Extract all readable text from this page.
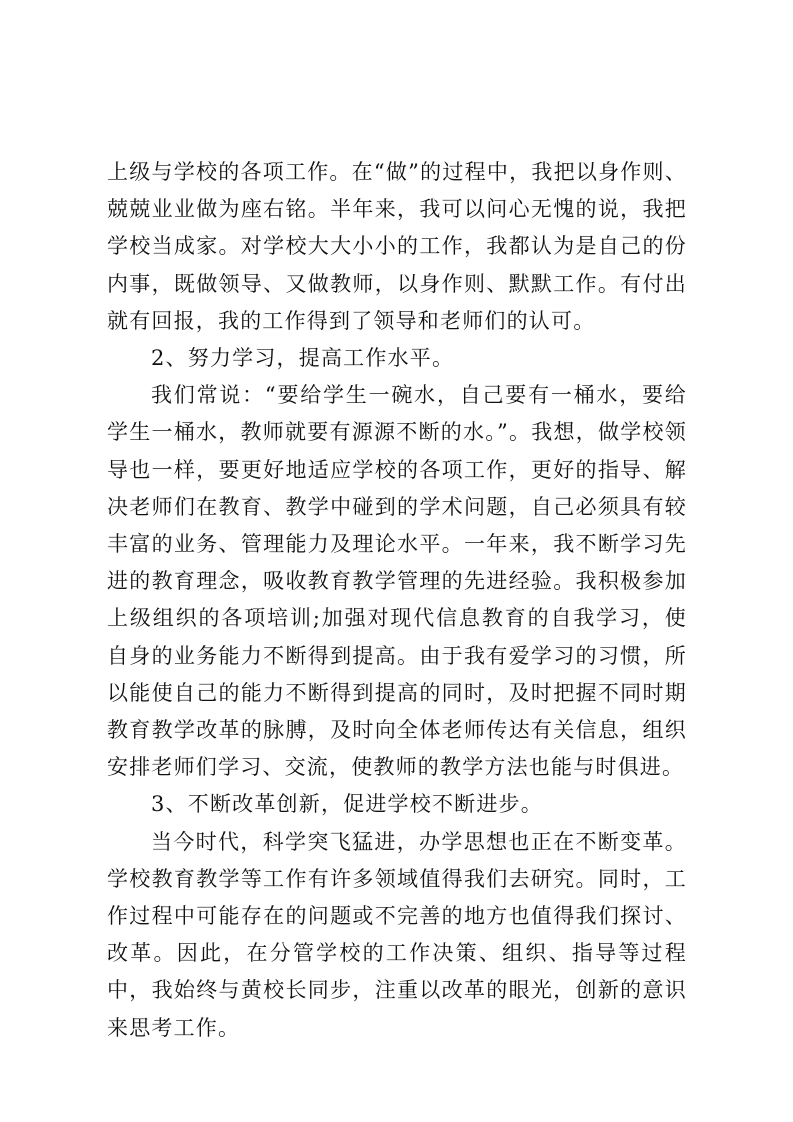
上级与学校的各项工作。在“做”的过程中，我把以身作则、兢兢业业做为座右铭。半年来，我可以问心无愧的说，我把学校当成家。对学校大大小小的工作，我都认为是自己的份内事，既做领导、又做教师，以身作则、默默工作。有付出就有回报，我的工作得到了领导和老师们的认可。

2、努力学习，提高工作水平。

我们常说：“要给学生一碗水，自己要有一桶水，要给学生一桶水，教师就要有源源不断的水。”。我想，做学校领导也一样，要更好地适应学校的各项工作，更好的指导、解决老师们在教育、教学中碰到的学术问题，自己必须具有较丰富的业务、管理能力及理论水平。一年来，我不断学习先进的教育理念，吸收教育教学管理的先进经验。我积极参加上级组织的各项培训;加强对现代信息教育的自我学习，使自身的业务能力不断得到提高。由于我有爱学习的习惯，所以能使自己的能力不断得到提高的同时，及时把握不同时期教育教学改革的脉膊，及时向全体老师传达有关信息，组织安排老师们学习、交流，使教师的教学方法也能与时俱进。

3、不断改革创新，促进学校不断进步。

当今时代，科学突飞猛进，办学思想也正在不断变革。学校教育教学等工作有许多领域值得我们去研究。同时，工作过程中可能存在的问题或不完善的地方也值得我们探讨、改革。因此，在分管学校的工作决策、组织、指导等过程中，我始终与黄校长同步，注重以改革的眼光，创新的意识来思考工作。
